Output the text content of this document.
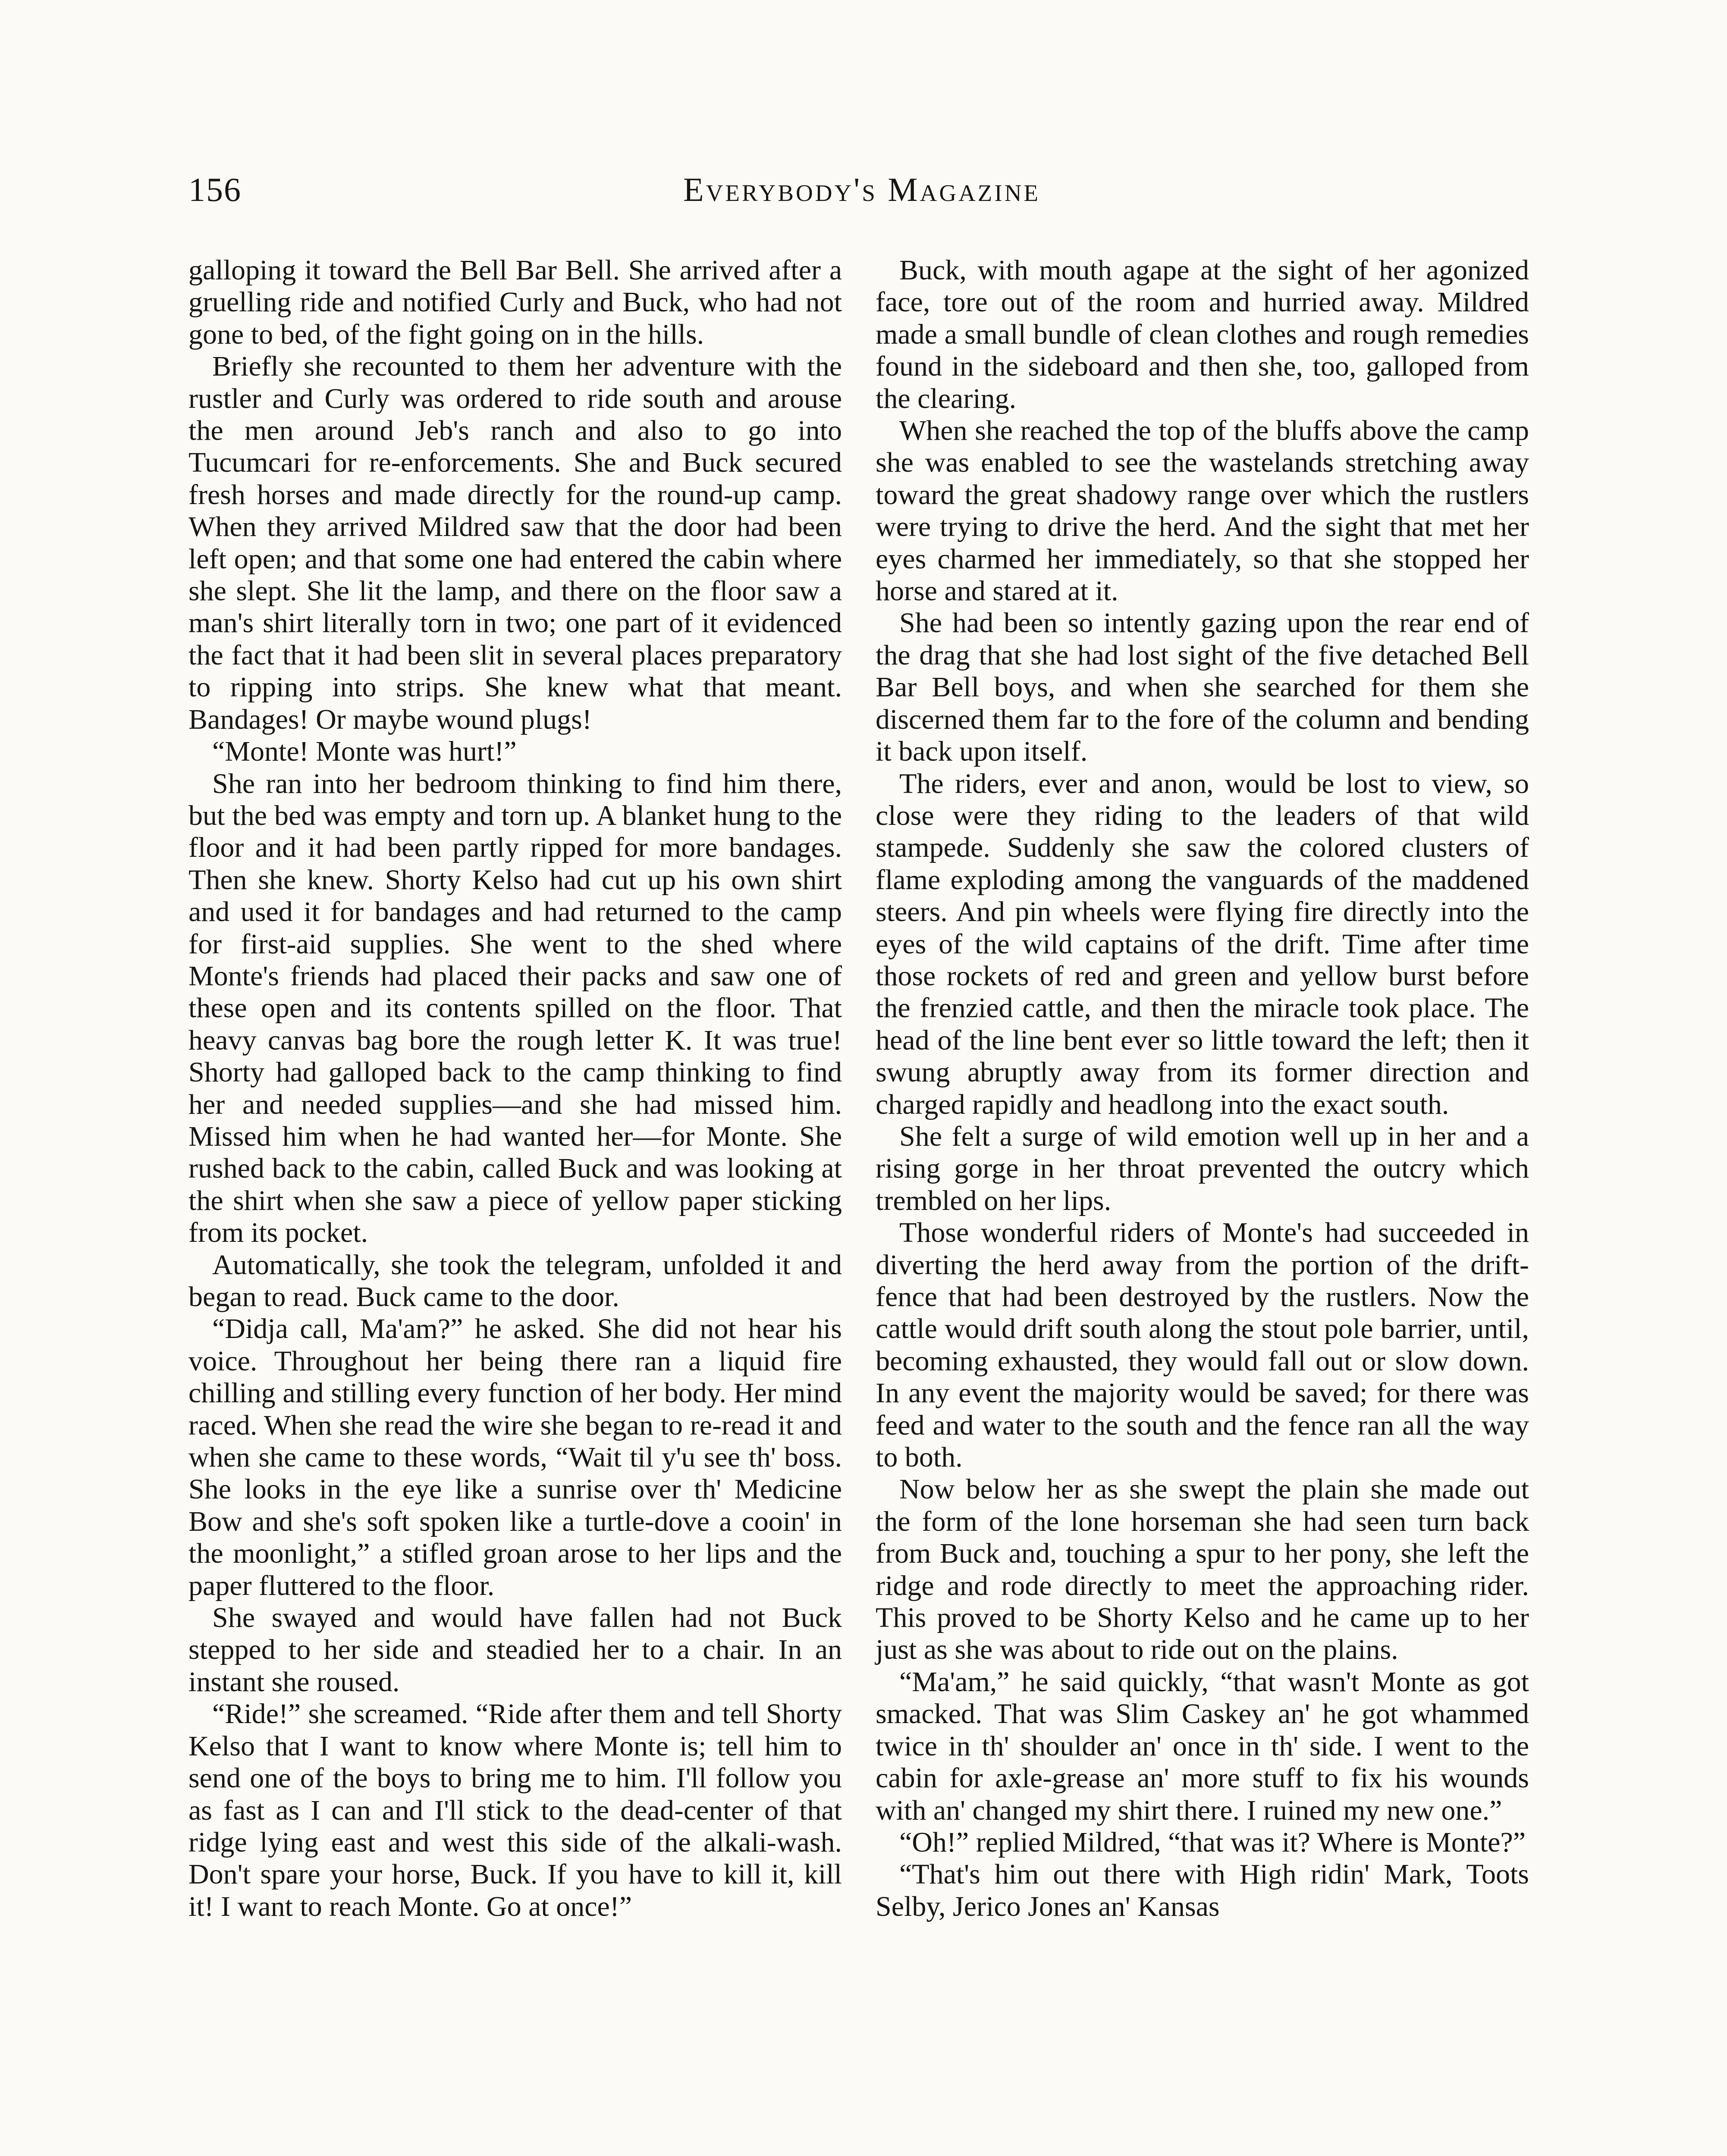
156	Everybody's Magazine

galloping it toward the Bell Bar Bell. She arrived after a gruelling ride and notified Curly and Buck, who had not gone to bed, of the fight going on in the hills.

Briefly she recounted to them her adventure with the rustler and Curly was ordered to ride south and arouse the men around Jeb's ranch and also to go into Tucumcari for re-enforcements. She and Buck secured fresh horses and made directly for the round-up camp. When they arrived Mildred saw that the door had been left open; and that some one had entered the cabin where she slept. She lit the lamp, and there on the floor saw a man's shirt literally torn in two; one part of it evidenced the fact that it had been slit in several places preparatory to ripping into strips. She knew what that meant. Bandages! Or maybe wound plugs!

“Monte! Monte was hurt!”

She ran into her bedroom thinking to find him there, but the bed was empty and torn up. A blanket hung to the floor and it had been partly ripped for more bandages. Then she knew. Shorty Kelso had cut up his own shirt and used it for bandages and had returned to the camp for first-aid supplies. She went to the shed where Monte's friends had placed their packs and saw one of these open and its contents spilled on the floor. That heavy canvas bag bore the rough letter K. It was true! Shorty had galloped back to the camp thinking to find her and needed supplies—and she had missed him. Missed him when he had wanted her—for Monte. She rushed back to the cabin, called Buck and was looking at the shirt when she saw a piece of yellow paper sticking from its pocket.

Automatically, she took the telegram, unfolded it and began to read. Buck came to the door.

“Didja call, Ma'am?” he asked. She did not hear his voice. Throughout her being there ran a liquid fire chilling and stilling every function of her body. Her mind raced. When she read the wire she began to re-read it and when she came to these words, “Wait til y'u see th' boss. She looks in the eye like a sunrise over th' Medicine Bow and she's soft spoken like a turtle-dove a cooin' in the moonlight,” a stifled groan arose to her lips and the paper fluttered to the floor.

She swayed and would have fallen had not Buck stepped to her side and steadied her to a chair. In an instant she roused.

“Ride!” she screamed. “Ride after them and tell Shorty Kelso that I want to know where Monte is; tell him to send one of the boys to bring me to him. I'll follow you as fast as I can and I'll stick to the dead-center of that ridge lying east and west this side of the alkali-wash. Don't spare your horse, Buck. If you have to kill it, kill it! I want to reach Monte. Go at once!”

Buck, with mouth agape at the sight of her agonized face, tore out of the room and hurried away. Mildred made a small bundle of clean clothes and rough remedies found in the sideboard and then she, too, galloped from the clearing.

When she reached the top of the bluffs above the camp she was enabled to see the wastelands stretching away toward the great shadowy range over which the rustlers were trying to drive the herd. And the sight that met her eyes charmed her immediately, so that she stopped her horse and stared at it.

She had been so intently gazing upon the rear end of the drag that she had lost sight of the five detached Bell Bar Bell boys, and when she searched for them she discerned them far to the fore of the column and bending it back upon itself.

The riders, ever and anon, would be lost to view, so close were they riding to the leaders of that wild stampede. Suddenly she saw the colored clusters of flame exploding among the vanguards of the maddened steers. And pin wheels were flying fire directly into the eyes of the wild captains of the drift. Time after time those rockets of red and green and yellow burst before the frenzied cattle, and then the miracle took place. The head of the line bent ever so little toward the left; then it swung abruptly away from its former direction and charged rapidly and headlong into the exact south.

She felt a surge of wild emotion well up in her and a rising gorge in her throat prevented the outcry which trembled on her lips.

Those wonderful riders of Monte's had succeeded in diverting the herd away from the portion of the drift-fence that had been destroyed by the rustlers. Now the cattle would drift south along the stout pole barrier, until, becoming exhausted, they would fall out or slow down. In any event the majority would be saved; for there was feed and water to the south and the fence ran all the way to both.

Now below her as she swept the plain she made out the form of the lone horseman she had seen turn back from Buck and, touching a spur to her pony, she left the ridge and rode directly to meet the approaching rider. This proved to be Shorty Kelso and he came up to her just as she was about to ride out on the plains.

“Ma'am,” he said quickly, “that wasn't Monte as got smacked. That was Slim Caskey an' he got whammed twice in th' shoulder an' once in th' side. I went to the cabin for axle-grease an' more stuff to fix his wounds with an' changed my shirt there. I ruined my new one.”

“Oh!” replied Mildred, “that was it? Where is Monte?”

“That's him out there with High ridin' Mark, Toots Selby, Jerico Jones an' Kansas
